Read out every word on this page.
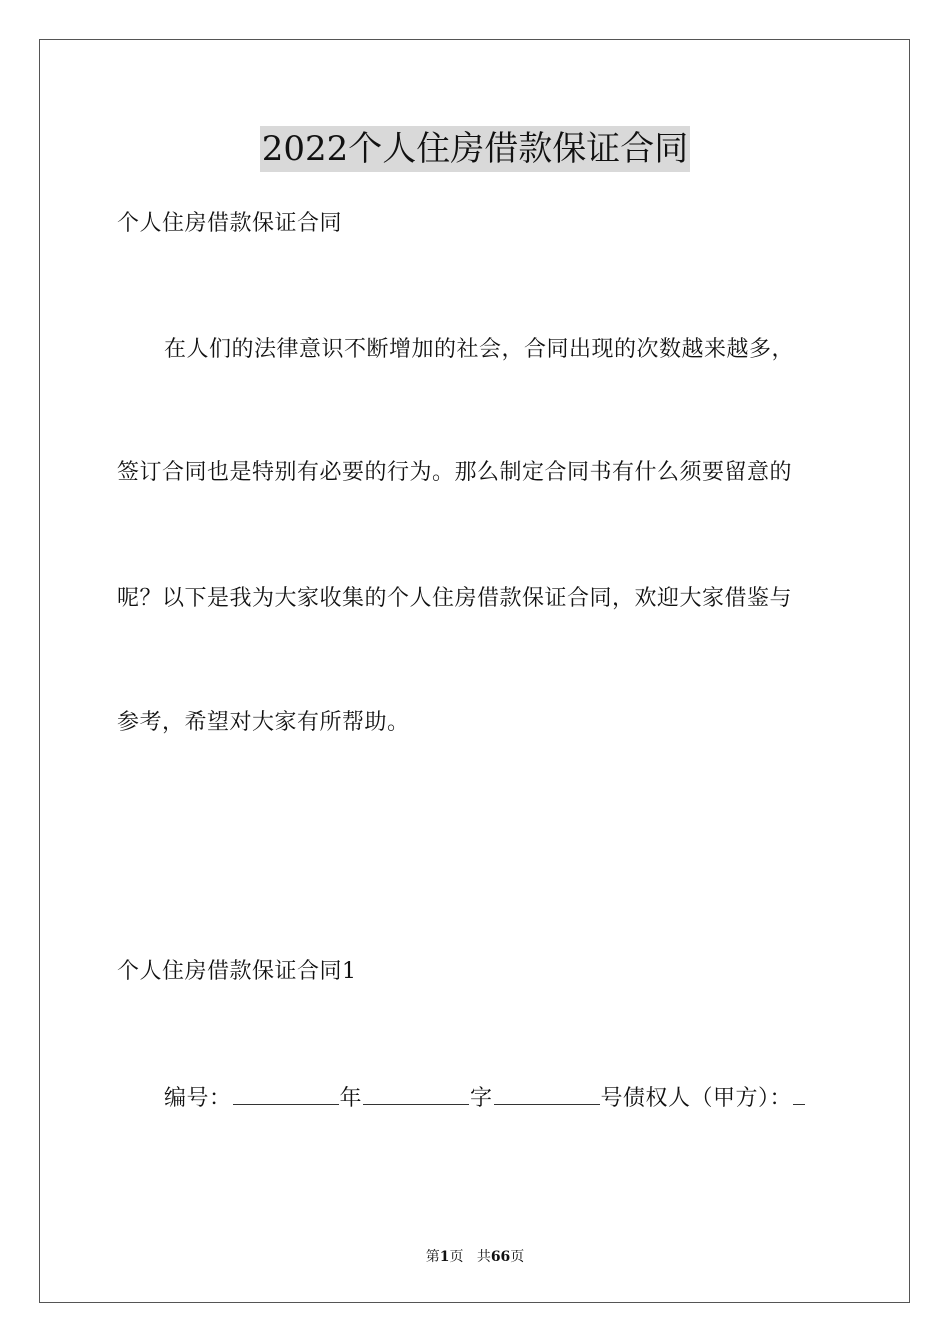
2022个人住房借款保证合同

个人住房借款保证合同

在人们的法律意识不断增加的社会，合同出现的次数越来越多，

签订合同也是特别有必要的行为。那么制定合同书有什么须要留意的

呢？以下是我为大家收集的个人住房借款保证合同，欢迎大家借鉴与

参考，希望对大家有所帮助。

个人住房借款保证合同1

编号：	年	字	号债权人（甲方）：

第1页 共66页
